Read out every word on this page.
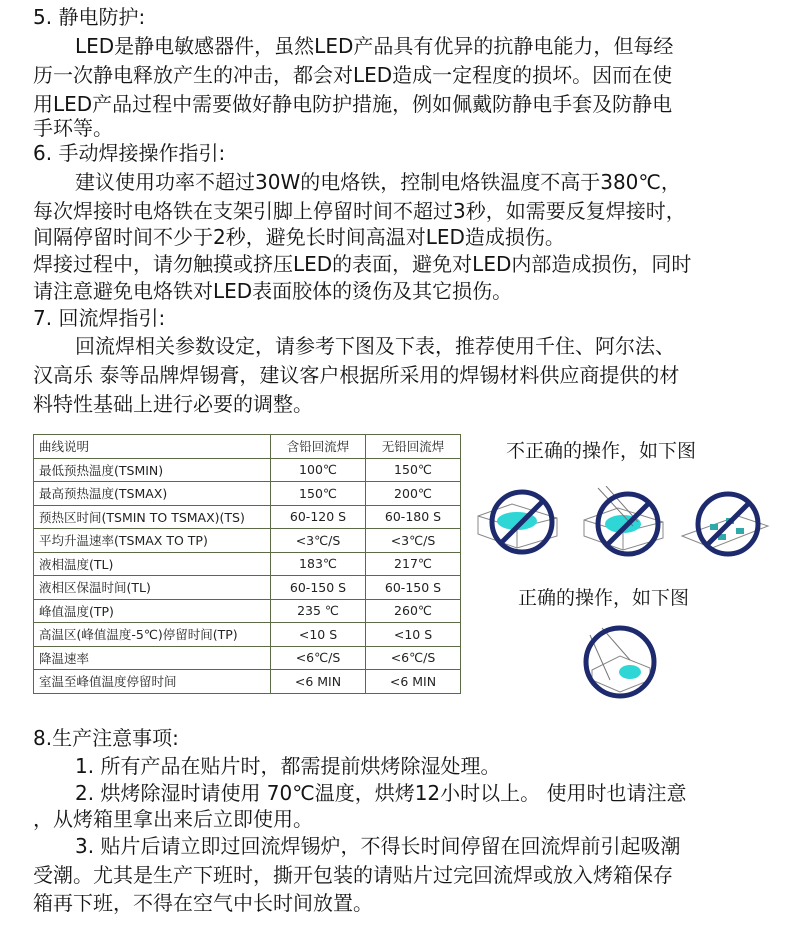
5. 静电防护:
LED是静电敏感器件，虽然LED产品具有优异的抗静电能力，但每经
历一次静电释放产生的冲击，都会对LED造成一定程度的损坏。因而在使
用LED产品过程中需要做好静电防护措施，例如佩戴防静电手套及防静电
手环等。
6. 手动焊接操作指引:
建议使用功率不超过30W的电烙铁，控制电烙铁温度不高于380℃，
每次焊接时电烙铁在支架引脚上停留时间不超过3秒，如需要反复焊接时，
间隔停留时间不少于2秒，避免长时间高温对LED造成损伤。
焊接过程中，请勿触摸或挤压LED的表面，避免对LED内部造成损伤，同时
请注意避免电烙铁对LED表面胶体的烫伤及其它损伤。
7. 回流焊指引:
回流焊相关参数设定，请参考下图及下表，推荐使用千住、阿尔法、
汉高乐 泰等品牌焊锡膏，建议客户根据所采用的焊锡材料供应商提供的材
料特性基础上进行必要的调整。
曲线说明	含铅回流焊	无铅回流焊
最低预热温度(TSMIN)	100℃	150℃
最高预热温度(TSMAX)	150℃	200℃
预热区时间(TSMIN TO TSMAX)(TS)	60-120 S	60-180 S
平均升温速率(TSMAX TO TP)	<3℃/S	<3℃/S
液相温度(TL)	183℃	217℃
液相区保温时间(TL)	60-150 S	60-150 S
峰值温度(TP)	235 ℃	260℃
高温区(峰值温度-5℃)停留时间(TP)	<10 S	<10 S
降温速率	<6℃/S	<6℃/S
室温至峰值温度停留时间	<6 MIN	<6 MIN
不正确的操作，如下图
正确的操作，如下图
8.生产注意事项:
1. 所有产品在贴片时，都需提前烘烤除湿处理。
2. 烘烤除湿时请使用 70℃温度，烘烤12小时以上。 使用时也请注意
，从烤箱里拿出来后立即使用。
3. 贴片后请立即过回流焊锡炉，不得长时间停留在回流焊前引起吸潮
受潮。尤其是生产下班时，撕开包装的请贴片过完回流焊或放入烤箱保存
箱再下班，不得在空气中长时间放置。
